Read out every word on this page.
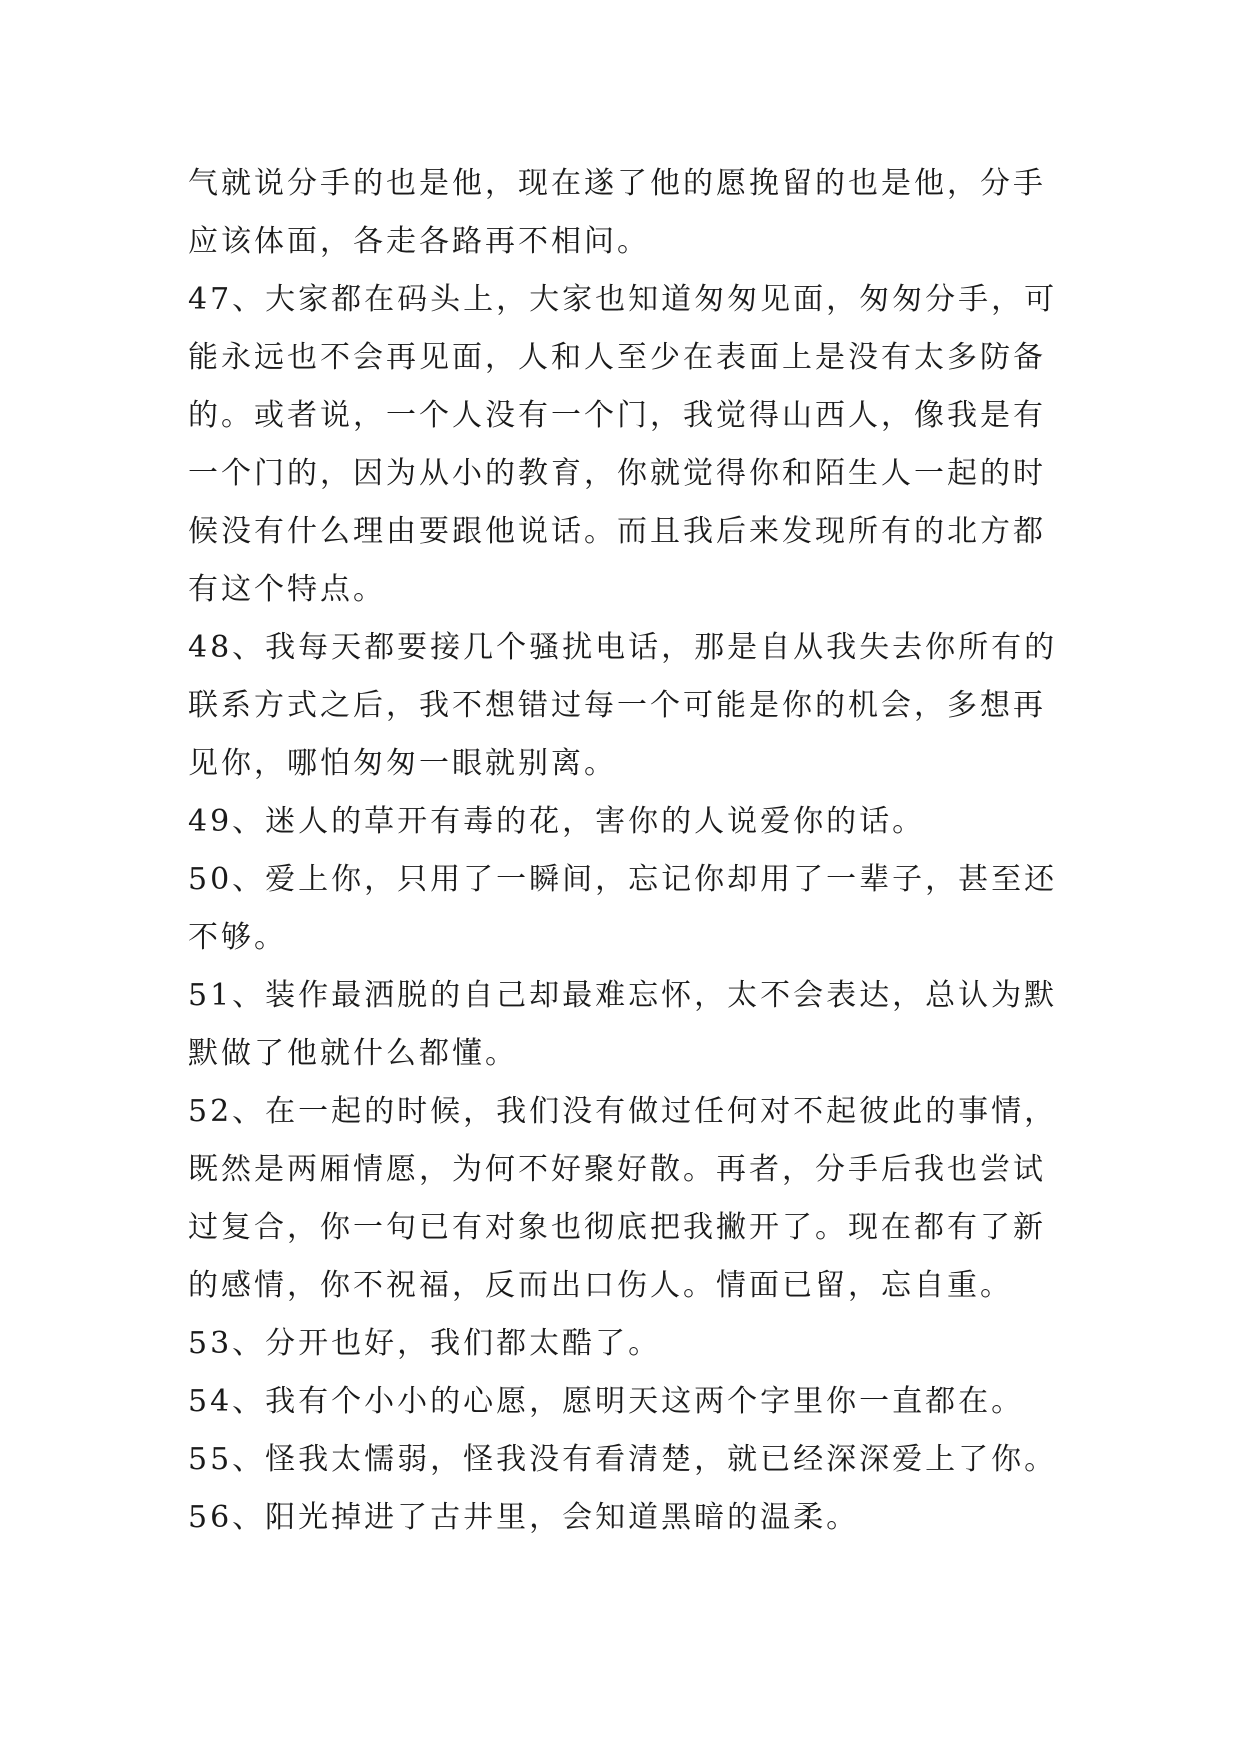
气就说分手的也是他，现在遂了他的愿挽留的也是他，分手
应该体面，各走各路再不相问。
47、大家都在码头上，大家也知道匆匆见面，匆匆分手，可
能永远也不会再见面，人和人至少在表面上是没有太多防备
的。或者说，一个人没有一个门，我觉得山西人，像我是有
一个门的，因为从小的教育，你就觉得你和陌生人一起的时
候没有什么理由要跟他说话。而且我后来发现所有的北方都
有这个特点。
48、我每天都要接几个骚扰电话，那是自从我失去你所有的
联系方式之后，我不想错过每一个可能是你的机会，多想再
见你，哪怕匆匆一眼就别离。
49、迷人的草开有毒的花，害你的人说爱你的话。
50、爱上你，只用了一瞬间，忘记你却用了一辈子，甚至还
不够。
51、装作最洒脱的自己却最难忘怀，太不会表达，总认为默
默做了他就什么都懂。
52、在一起的时候，我们没有做过任何对不起彼此的事情，
既然是两厢情愿，为何不好聚好散。再者，分手后我也尝试
过复合，你一句已有对象也彻底把我撇开了。现在都有了新
的感情，你不祝福，反而出口伤人。情面已留，忘自重。
53、分开也好，我们都太酷了。
54、我有个小小的心愿，愿明天这两个字里你一直都在。
55、怪我太懦弱，怪我没有看清楚，就已经深深爱上了你。
56、阳光掉进了古井里，会知道黑暗的温柔。
